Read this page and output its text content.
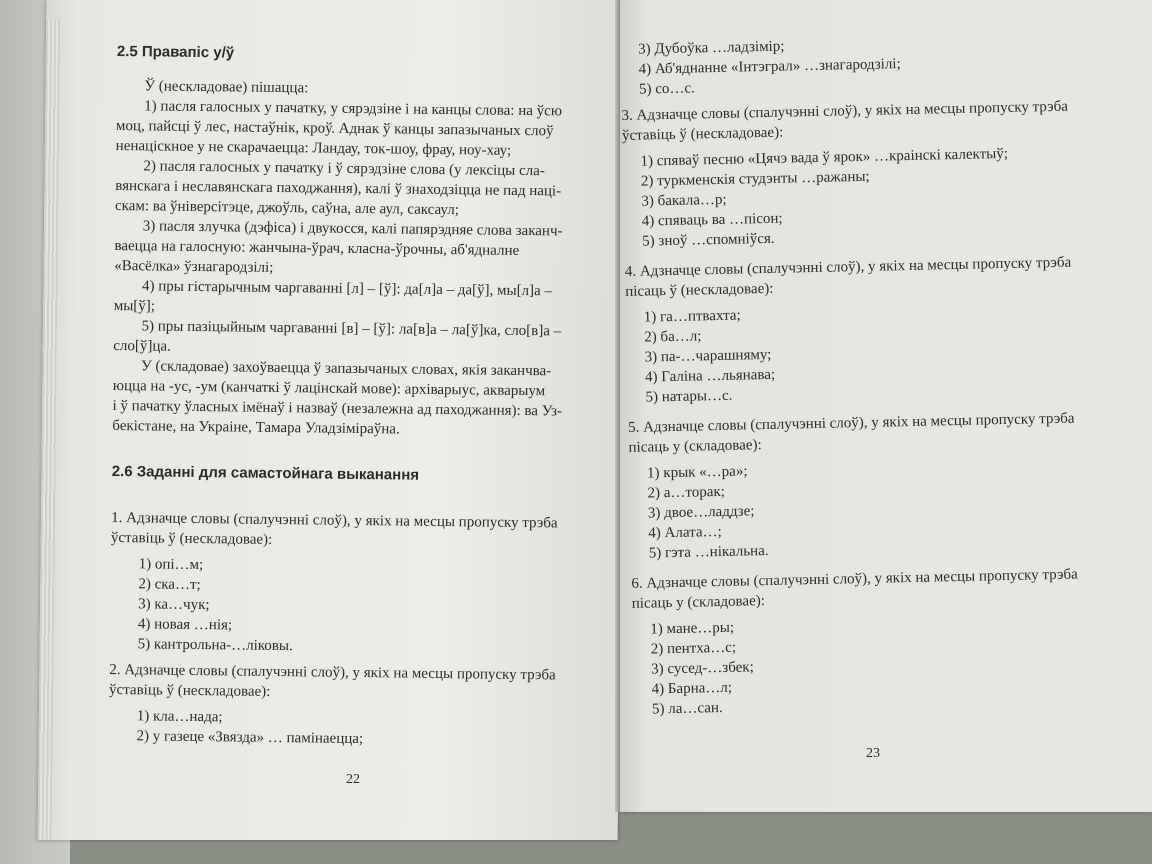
2.5 Правапіс у/ў
Ў (нескладовае) пішацца:
1) пасля галосных у пачатку, у сярэдзіне і на канцы слова: на ўсю
моц, пайсці ў лес, настаўнік, кроў. Аднак ў канцы запазычаных слоў
ненаціскное у не скарачаецца: Ландау, ток-шоу, фрау, ноу-хау;
2) пасля галосных у пачатку і ў сярэдзіне слова (у лексіцы сла-
вянскага і неславянскага паходжання), калі ў знаходзіцца не пад наці-
скам: ва ўніверсітэце, джоўль, саўна, але аул, саксаул;
3) пасля злучка (дэфіса) і двукосся, калі папярэдняе слова заканч-
ваецца на галосную: жанчына-ўрач, класна-ўрочны, аб'ядналне
«Васёлка» ўзнагародзілі;
4) пры гістарычным чаргаванні [л] – [ў]: да[л]а – да[ў], мы[л]а –
мы[ў];
5) пры пазіцыйным чаргаванні [в] – [ў]: ла[в]а – ла[ў]ка, сло[в]а –
сло[ў]ца.
У (складовае) захоўваецца ў запазычаных словах, якія заканчва-
юцца на -ус, -ум (канчаткі ў лацінскай мове): архіварыус, акварыум
і ў пачатку ўласных імёнаў і назваў (незалежна ад паходжання): ва Уз-
бекістане, на Украіне, Тамара Уладзіміраўна.
2.6 Заданні для самастойнага выканання
1. Адзначце словы (спалучэнні слоў), у якіх на месцы пропуску трэба
ўставіць ў (нескладовае):
1) опі…м;
2) ска…т;
3) ка…чук;
4) новая …нія;
5) кантрольна-…ліковы.
2. Адзначце словы (спалучэнні слоў), у якіх на месцы пропуску трэба
ўставіць ў (нескладовае):
1) кла…нада;
2) у газеце «Звязда» … памінаецца;
22
3) Дубоўка …ладзімір;
4) Аб'яднанне «Інтэграл» …знагародзілі;
5) со…с.
3. Адзначце словы (спалучэнні слоў), у якіх на месцы пропуску трэба
ўставіць ў (нескладовае):
1) спяваў песню «Цячэ вада ў ярок» …краінскі калектыў;
2) туркменскія студэнты …ражаны;
3) бакала…р;
4) спяваць ва …пісон;
5) зноў …спомніўся.
4. Адзначце словы (спалучэнні слоў), у якіх на месцы пропуску трэба
пісаць ў (нескладовае):
1) га…птвахта;
2) ба…л;
3) па-…чарашняму;
4) Галіна …льянава;
5) натары…с.
5. Адзначце словы (спалучэнні слоў), у якіх на месцы пропуску трэба
пісаць у (складовае):
1) крык «…ра»;
2) а…торак;
3) двое…ладдзе;
4) Алата…;
5) гэта …нікальна.
6. Адзначце словы (спалучэнні слоў), у якіх на месцы пропуску трэба
пісаць у (складовае):
1) мане…ры;
2) пентха…с;
3) сусед-…збек;
4) Барна…л;
5) ла…сан.
23
